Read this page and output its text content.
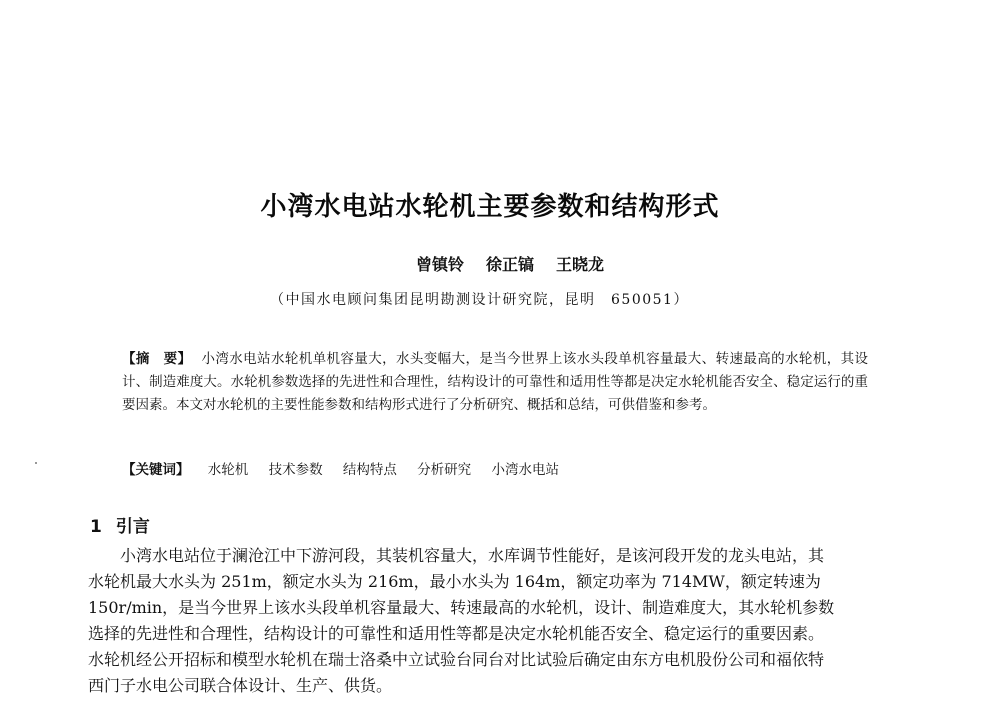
小湾水电站水轮机主要参数和结构形式
曾镇铃 徐正镐 王晓龙
（中国水电顾问集团昆明勘测设计研究院，昆明　650051）
【摘　要】 小湾水电站水轮机单机容量大，水头变幅大，是当今世界上该水头段单机容量最大、转速最高的水轮机，其设计、制造难度大。水轮机参数选择的先进性和合理性，结构设计的可靠性和适用性等都是决定水轮机能否安全、稳定运行的重要因素。本文对水轮机的主要性能参数和结构形式进行了分析研究、概括和总结，可供借鉴和参考。
【关键词】 水轮机 技术参数 结构特点 分析研究 小湾水电站
1 引言
小湾水电站位于澜沧江中下游河段，其装机容量大，水库调节性能好，是该河段开发的龙头电站，其
水轮机最大水头为 251m，额定水头为 216m，最小水头为 164m，额定功率为 714MW，额定转速为
150r/min，是当今世界上该水头段单机容量最大、转速最高的水轮机，设计、制造难度大，其水轮机参数
选择的先进性和合理性，结构设计的可靠性和适用性等都是决定水轮机能否安全、稳定运行的重要因素。
水轮机经公开招标和模型水轮机在瑞士洛桑中立试验台同台对比试验后确定由东方电机股份公司和福依特
西门子水电公司联合体设计、生产、供货。
